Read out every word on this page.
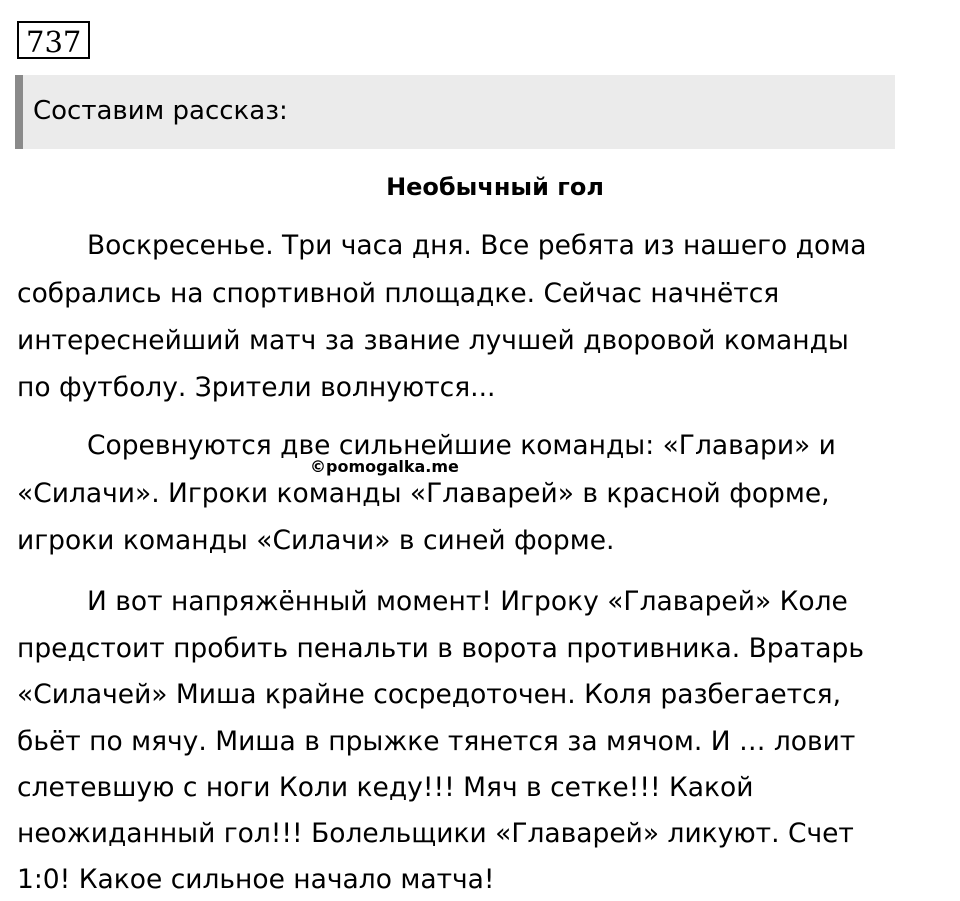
737
Составим рассказ:
Необычный гол
Воскресенье. Три часа дня. Все ребята из нашего дома
собрались на спортивной площадке. Сейчас начнётся
интереснейший матч за звание лучшей дворовой команды
по футболу. Зрители волнуются...
Соревнуются две сильнейшие команды: «Главари» и
«Силачи». Игроки команды «Главарей» в красной форме,
игроки команды «Силачи» в синей форме.
©pomogalka.me
И вот напряжённый момент! Игроку «Главарей» Коле
предстоит пробить пенальти в ворота противника. Вратарь
«Силачей» Миша крайне сосредоточен. Коля разбегается,
бьёт по мячу. Миша в прыжке тянется за мячом. И … ловит
слетевшую с ноги Коли кеду!!! Мяч в сетке!!! Какой
неожиданный гол!!! Болельщики «Главарей» ликуют. Счет
1:0! Какое сильное начало матча!
